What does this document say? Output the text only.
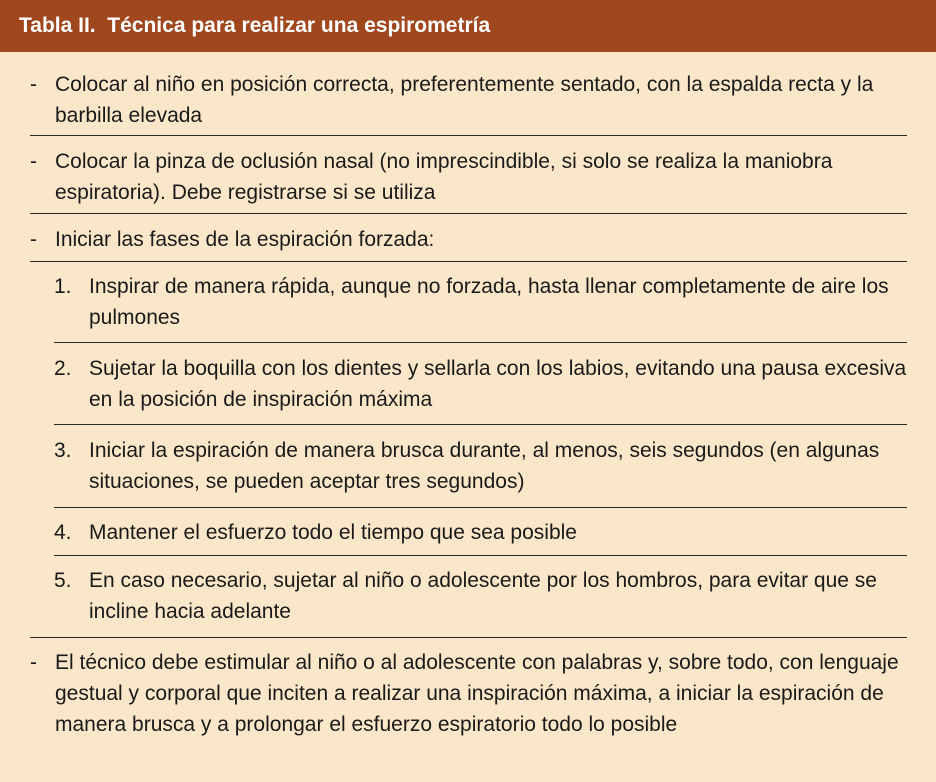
Tabla II.  Técnica para realizar una espirometría
- Colocar al niño en posición correcta, preferentemente sentado, con la espalda recta y la barbilla elevada
- Colocar la pinza de oclusión nasal (no imprescindible, si solo se realiza la maniobra espiratoria). Debe registrarse si se utiliza
- Iniciar las fases de la espiración forzada:
1. Inspirar de manera rápida, aunque no forzada, hasta llenar completamente de aire los pulmones
2. Sujetar la boquilla con los dientes y sellarla con los labios, evitando una pausa excesiva en la posición de inspiración máxima
3. Iniciar la espiración de manera brusca durante, al menos, seis segundos (en algunas situaciones, se pueden aceptar tres segundos)
4. Mantener el esfuerzo todo el tiempo que sea posible
5. En caso necesario, sujetar al niño o adolescente por los hombros, para evitar que se incline hacia adelante
- El técnico debe estimular al niño o al adolescente con palabras y, sobre todo, con lenguaje gestual y corporal que inciten a realizar una inspiración máxima, a iniciar la espiración de manera brusca y a prolongar el esfuerzo espiratorio todo lo posible
